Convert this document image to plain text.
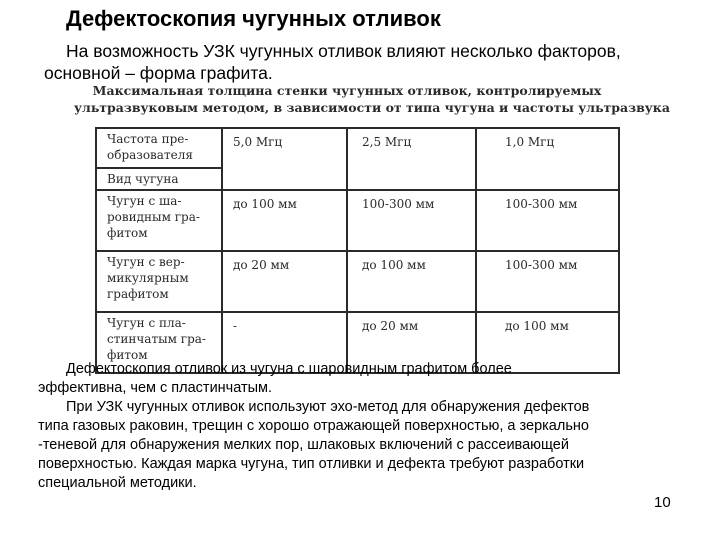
Дефектоскопия чугунных отливок
На возможность УЗК чугунных отливок влияют несколько факторов,
основной – форма графита.
Максимальная толщина стенки чугунных отливок, контролируемых
ультразвуковым методом, в зависимости от типа чугуна и частоты ультразвука
Частота пре-
образователя	5,0 Мгц	2,5 Мгц	1,0 Мгц
Вид чугуна			
Чугун с ша-
ровидным гра-
фитом	до 100 мм	100-300 мм	100-300 мм
Чугун с вер-
микулярным
графитом	до 20 мм	до 100 мм	100-300 мм
Чугун с пла-
стинчатым гра-
фитом	-	до 20 мм	до 100 мм

Дефектоскопия отливок из чугуна с шаровидным графитом более

эффективна, чем с пластинчатым.

При УЗК чугунных отливок используют эхо-метод для обнаружения дефектов

типа газовых раковин, трещин с хорошо отражающей поверхностью, а зеркально

-теневой для обнаружения мелких пор, шлаковых включений с рассеивающей

поверхностью. Каждая марка чугуна, тип отливки и дефекта требуют разработки

специальной методики.

10
